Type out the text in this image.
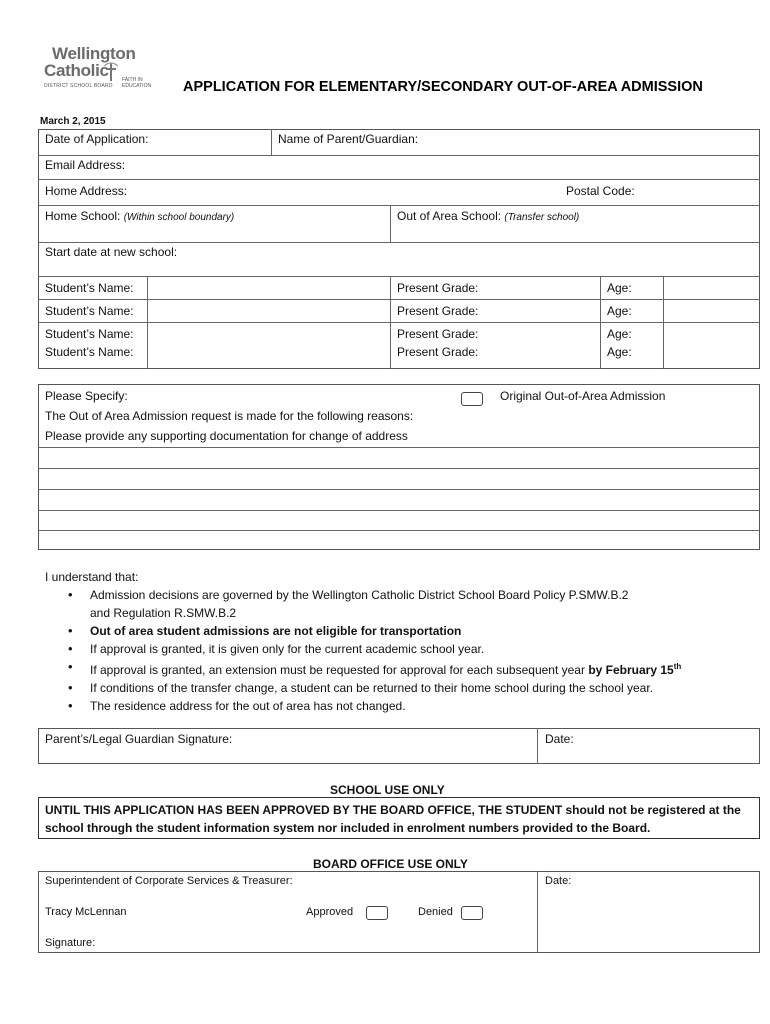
Wellington
Catholic
DISTRICT SCHOOL BOARD
FAITH IN EDUCATION	APPLICATION FOR ELEMENTARY/SECONDARY OUT-OF-AREA ADMISSION
March 2, 2015
Date of Application:	Name of Parent/Guardian:
Email Address:
Home Address:	Postal Code:
Home School: (Within school boundary)	Out of Area School: (Transfer school)
Start date at new school:
Student’s Name:	Present Grade:	Age:
Student’s Name:	Present Grade:	Age:
Student’s Name:	Present Grade:	Age:
Student’s Name:	Present Grade:	Age:
Please Specify:	Original Out-of-Area Admission
The Out of Area Admission request is made for the following reasons:
Please provide any supporting documentation for change of address
I understand that:
• Admission decisions are governed by the Wellington Catholic District School Board Policy P.SMW.B.2
and Regulation R.SMW.B.2
• Out of area student admissions are not eligible for transportation
• If approval is granted, it is given only for the current academic school year.
• If approval is granted, an extension must be requested for approval for each subsequent year by February 15th
• If conditions of the transfer change, a student can be returned to their home school during the school year.
• The residence address for the out of area has not changed.
Parent’s/Legal Guardian Signature:	Date:
SCHOOL USE ONLY
UNTIL THIS APPLICATION HAS BEEN APPROVED BY THE BOARD OFFICE, THE STUDENT should not be registered at the
school through the student information system nor included in enrolment numbers provided to the Board.
BOARD OFFICE USE ONLY
Superintendent of Corporate Services & Treasurer:	Date:
Tracy McLennan	Approved	Denied
Signature:
